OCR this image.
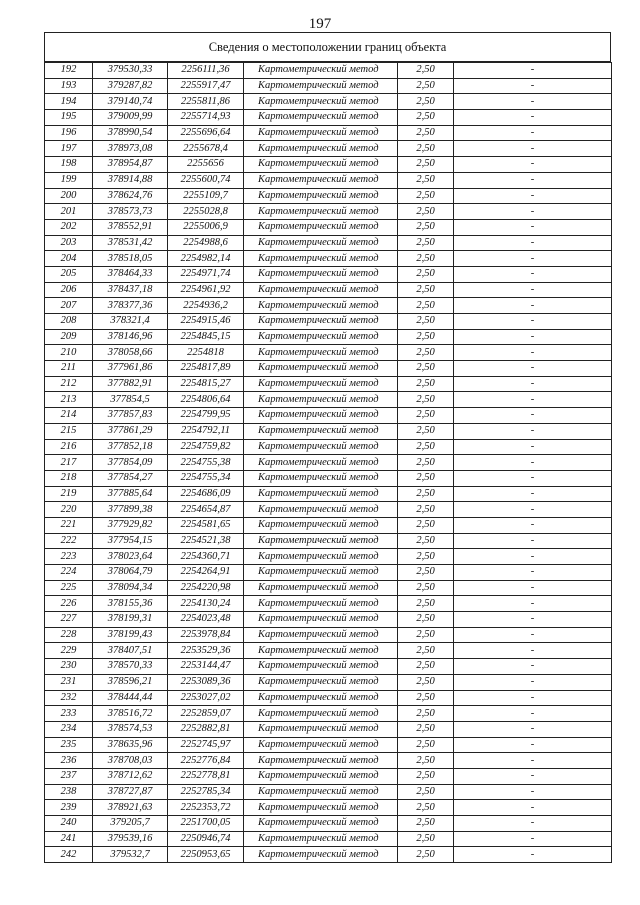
197
Сведения о местоположении границ объекта
192	379530,33	2256111,36	Картометрический метод	2,50	-
193	379287,82	2255917,47	Картометрический метод	2,50	-
194	379140,74	2255811,86	Картометрический метод	2,50	-
195	379009,99	2255714,93	Картометрический метод	2,50	-
196	378990,54	2255696,64	Картометрический метод	2,50	-
197	378973,08	2255678,4	Картометрический метод	2,50	-
198	378954,87	2255656	Картометрический метод	2,50	-
199	378914,88	2255600,74	Картометрический метод	2,50	-
200	378624,76	2255109,7	Картометрический метод	2,50	-
201	378573,73	2255028,8	Картометрический метод	2,50	-
202	378552,91	2255006,9	Картометрический метод	2,50	-
203	378531,42	2254988,6	Картометрический метод	2,50	-
204	378518,05	2254982,14	Картометрический метод	2,50	-
205	378464,33	2254971,74	Картометрический метод	2,50	-
206	378437,18	2254961,92	Картометрический метод	2,50	-
207	378377,36	2254936,2	Картометрический метод	2,50	-
208	378321,4	2254915,46	Картометрический метод	2,50	-
209	378146,96	2254845,15	Картометрический метод	2,50	-
210	378058,66	2254818	Картометрический метод	2,50	-
211	377961,86	2254817,89	Картометрический метод	2,50	-
212	377882,91	2254815,27	Картометрический метод	2,50	-
213	377854,5	2254806,64	Картометрический метод	2,50	-
214	377857,83	2254799,95	Картометрический метод	2,50	-
215	377861,29	2254792,11	Картометрический метод	2,50	-
216	377852,18	2254759,82	Картометрический метод	2,50	-
217	377854,09	2254755,38	Картометрический метод	2,50	-
218	377854,27	2254755,34	Картометрический метод	2,50	-
219	377885,64	2254686,09	Картометрический метод	2,50	-
220	377899,38	2254654,87	Картометрический метод	2,50	-
221	377929,82	2254581,65	Картометрический метод	2,50	-
222	377954,15	2254521,38	Картометрический метод	2,50	-
223	378023,64	2254360,71	Картометрический метод	2,50	-
224	378064,79	2254264,91	Картометрический метод	2,50	-
225	378094,34	2254220,98	Картометрический метод	2,50	-
226	378155,36	2254130,24	Картометрический метод	2,50	-
227	378199,31	2254023,48	Картометрический метод	2,50	-
228	378199,43	2253978,84	Картометрический метод	2,50	-
229	378407,51	2253529,36	Картометрический метод	2,50	-
230	378570,33	2253144,47	Картометрический метод	2,50	-
231	378596,21	2253089,36	Картометрический метод	2,50	-
232	378444,44	2253027,02	Картометрический метод	2,50	-
233	378516,72	2252859,07	Картометрический метод	2,50	-
234	378574,53	2252882,81	Картометрический метод	2,50	-
235	378635,96	2252745,97	Картометрический метод	2,50	-
236	378708,03	2252776,84	Картометрический метод	2,50	-
237	378712,62	2252778,81	Картометрический метод	2,50	-
238	378727,87	2252785,34	Картометрический метод	2,50	-
239	378921,63	2252353,72	Картометрический метод	2,50	-
240	379205,7	2251700,05	Картометрический метод	2,50	-
241	379539,16	2250946,74	Картометрический метод	2,50	-
242	379532,7	2250953,65	Картометрический метод	2,50	-
